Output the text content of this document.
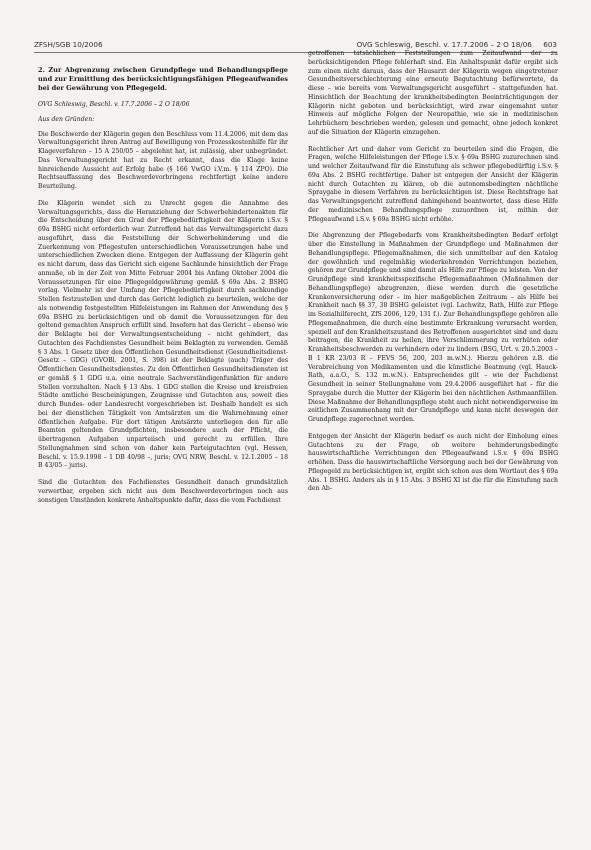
ZFSH/SGB 10/2006	OVG Schleswig, Beschl. v. 17.7.2006 – 2 O 18/06 603
2. Zur Abgrenzung zwischen Grundpflege und Behandlungspflege und zur Ermittlung des berücksichtigungsfähigen Pflegeaufwandes bei der Gewährung von Pflegegeld.
OVG Schleswig, Beschl. v. 17.7.2006 – 2 O 18/06
Aus den Gründen:

Die Beschwerde der Klägerin gegen den Beschluss vom 11.4.2006, mit dem das Verwaltungsgericht ihren Antrag auf Bewilligung von Prozesskostenhilfe für ihr Klageverfahren – 15 A 250/05 – abgelehnt hat, ist zulässig, aber unbegründet. Das Verwaltungsgericht hat zu Recht erkannt, dass die Klage keine hinreichende Aussicht auf Erfolg habe (§ 166 VwGO i.V.m. § 114 ZPO). Die Rechtsauffassung des Beschwerdevorbringens rechtfertigt keine andere Beurteilung.

Die Klägerin wendet sich zu Unrecht gegen die Annahme des Verwaltungsgerichts, dass die Heranziehung der Schwerbehindertenakten für die Entscheidung über den Grad der Pflegebedürftigkeit der Klägerin i.S.v. § 69a BSHG nicht erforderlich war. Zutreffend hat das Verwaltungsgericht dazu ausgeführt, dass die Feststellung der Schwerbehinderung und die Zuerkennung von Pflegestufen unterschiedlichen Voraussetzungen habe und unterschiedlichen Zwecken diene. Entgegen der Auffassung der Klägerin geht es nicht darum, dass das Gericht sich eigene Sachkunde hinsichtlich der Frage anmaße, ob in der Zeit von Mitte Februar 2004 bis Anfang Oktober 2004 die Voraussetzungen für eine Pflegegeldgewährung gemäß § 69a Abs. 2 BSHG vorlag. Vielmehr ist der Umfang der Pflegebedürftigkeit durch sachkundige Stellen festzustellen und durch das Gericht lediglich zu beurteilen, welche der als notwendig festgestellten Hilfeleistungen im Rahmen der Anwendung des § 69a BSHG zu berücksichtigen und ob damit die Voraussetzungen für den geltend gemachten Anspruch erfüllt sind. Insofern hat das Gericht – ebenso wie der Beklagte bei der Verwaltungsentscheidung – nicht gehindert, das Gutachten des Fachdienstes Gesundheit beim Beklagten zu verwenden. Gemäß § 3 Abs. 1 Gesetz über den Öffentlichen Gesundheitsdienst (Gesundheitsdienst-Gesetz – GDG) (GVOBl. 2001, S. 398) ist der Beklagte (auch) Träger des Öffentlichen Gesundheitsdienstes. Zu den Öffentlichen Gesundheitsdiensten ist er gemäß § 1 GDG u.a. eine neutrale Sachverständigenfunktion für andere Stellen vorzuhalten. Nach § 13 Abs. 1 GDG stellen die Kreise und kreisfreien Städte amtliche Bescheinigungen, Zeugnisse und Gutachten aus, soweit dies durch Bundes- oder Landesrecht vorgeschrieben ist. Deshalb handelt es sich bei der dienstlichen Tätigkeit von Amtsärzten um die Wahrnehmung einer öffentlichen Aufgabe. Für dort tätigen Amtsärzte unterliegen den für alle Beamten geltenden Grundpflichten, insbesondere auch der Pflicht, die übertragenen Aufgaben unparteiisch und gerecht zu erfüllen. Ihre Stellungnahmen sind schon von daher kein Parteigutachten (vgl. Hessen, Beschl. v. 15.9.1998 – 1 DB 40/98 –, juris; OVG NRW, Beschl. v. 12.1.2005 – 18 B 43/05 – juris).

Sind die Gutachten des Fachdienstes Gesundheit danach grundsätzlich verwertbar, ergeben sich nicht aus dem Beschwerdevorbringen noch aus sonstigen Umständen konkrete Anhaltspunkte dafür, dass die vom Fachdienst

getroffenen tatsächlichen Feststellungen zum Zeitaufwand der zu berücksichtigenden Pflege fehlerhaft sind. Ein Anhaltspunkt dafür ergibt sich zum einen nicht daraus, dass der Hausarzt der Klägerin wegen eingetretener Gesundheitsverschlechterung eine erneute Begutachtung befürwortete, da diese – wie bereits vom Verwaltungsgericht ausgeführt – stattgefunden hat. Hinsichtlich der Beachtung der krankheitsbedingten Beeinträchtigungen der Klägerin nicht geboten und berücksichtigt, wird zwar eingemahnt unter Hinweis auf mögliche Folgen der Neuropathie, wie sie in medizinischen Lehrbüchern beschrieben werden, gelesen und gemacht, ohne jedoch konkret auf die Situation der Klägerin einzugehen.

Rechtlicher Art und daher vom Gericht zu beurteilen sind die Fragen, die Fragen, welche Hilfeleistungen der Pflege i.S.v. § 69a BSHG zuzurechnen sind und welcher Zeitaufwand für die Einstufung als schwer pflegebedürftig i.S.v. § 69a Abs. 2 BSHG rechtfertige. Daher ist entgegen der Ansicht der Klägerin nicht durch Gutachten zu klären, ob die autonomsbedingten nächtliche Spraygabe in diesem Verfahren zu berücksichtigen ist. Diese Rechtsfrage hat das Verwaltungsgericht zutreffend dahingehend beantwortet, dass diese Hilfe der medizinischen Behandlungspflege zuzuordnen ist, mithin der Pflegeaufwand i.S.v. § 69a BSHG nicht erhöhe.

Die Abgrenzung der Pflegebedarfs vom Krankheitsbedingten Bedarf erfolgt über die Einstellung in Maßnahmen der Grundpflege und Maßnahmen der Behandlungspflege. Pflegemaßnahmen, die sich unmittelbar auf den Katalog der gewöhnlich und regelmäßig wiederkehrenden Verrichtungen beziehen, gehören zur Grundpflege und sind damit als Hilfe zur Pflege zu leisten. Von der Grundpflege sind krankheitsspezifische Pflegemaßnahmen (Maßnahmen der Behandlungspflege) abzugrenzen, diese werden durch die gesetzliche Krankenversicherung oder – im hier maßgeblichen Zeitraum – als Hilfe bei Krankheit nach §§ 37, 38 BSHG geleistet (vgl. Lachwitz, Rath, Hilfe zur Pflege im Sozialhilferecht, ZfS 2006, 129, 131 f.). Zur Behandlungspflege gehören alle Pflegemaßnahmen, die durch eine bestimmte Erkrankung verursacht werden, speziell auf den Krankheitszustand des Betroffenen ausgerichtet sind und dazu beitragen, die Krankheit zu heilen, ihre Verschlimmerung zu verhüten oder Krankheitsbeschwerden zu verhindern oder zu lindern (BSG, Urt. v. 20.5.2003 – B 1 KR 23/03 R – FEVS 56, 200, 203 m.w.N.). Hierzu gehören z.B. die Verabreichung von Medikamenten und die künstliche Beatmung (vgl. Hauck-Rath, a.a.O., S. 132 m.w.N.). Entsprechendes gilt – wie der Fachdienst Gesundheit in seiner Stellungnahme vom 29.4.2006 ausgeführt hat – für die Spraygabe durch die Mutter der Klägerin bei den nächtlichen Asthmaanfällen. Diese Maßnahme der Behandlungspflege steht auch nicht notwendigerweise im zeitlichen Zusammenhang mit der Grundpflege und kann nicht deswegen der Grundpflege zugerechnet werden.

Entgegen der Ansicht der Klägerin bedarf es auch nicht der Einholung eines Gutachtens zu der Frage, ob weitere behinderungsbedingte hauswirtschaftliche Verrichtungen den Pflegeaufwand i.S.v. § 69a BSHG erhöhen. Dass die hauswirtschaftliche Versorgung auch bei der Gewährung von Pflegegeld zu berücksichtigen ist, ergibt sich schon aus dem Wortlaut des § 69a Abs. 1 BSHG. Anders als in § 15 Abs. 3 BSHG XI ist die für die Einstufung nach den Ab-
